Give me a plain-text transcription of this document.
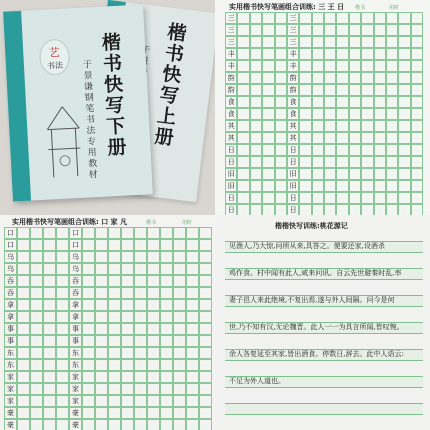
楷书快写上册
艺
书法 楷书快写下册
于景谦钢笔书法专用教材
实用楷书快写笔画组合训练: 三 王 日 楷书	用时
三	三
三	三
三	三
丰	丰
丰	丰
韵	韵
韵	韵
食	食
食	食
其	其
其	其
日	日
日	日
旧	旧
旧	旧
日	日
日	日
实用楷书快写笔画组合训练: 口 家 凡	楷书	用时
口	口
口	口
乌	乌
乌	乌
吞	吞
吞	吞
拿	拿
拿	拿
事	事
事	事
东	东
东	东
家	家
家	家
家	家
豪	豪
豪	豪
楷楷快写训练:桃花源记
见渔人,乃大惊,问所从来,具答之。便要还家,设酒杀
鸡作食。村中闻有此人,咸来问讯。自云先世避秦时乱,率
妻子邑人来此绝境,不复出焉,遂与外人间隔。问今是何
世,乃不知有汉,无论魏晋。此人一一为具言所闻,皆叹惋。
余人各复延至其家,皆出酒食。停数日,辞去。此中人语云:
不足为外人道也。
